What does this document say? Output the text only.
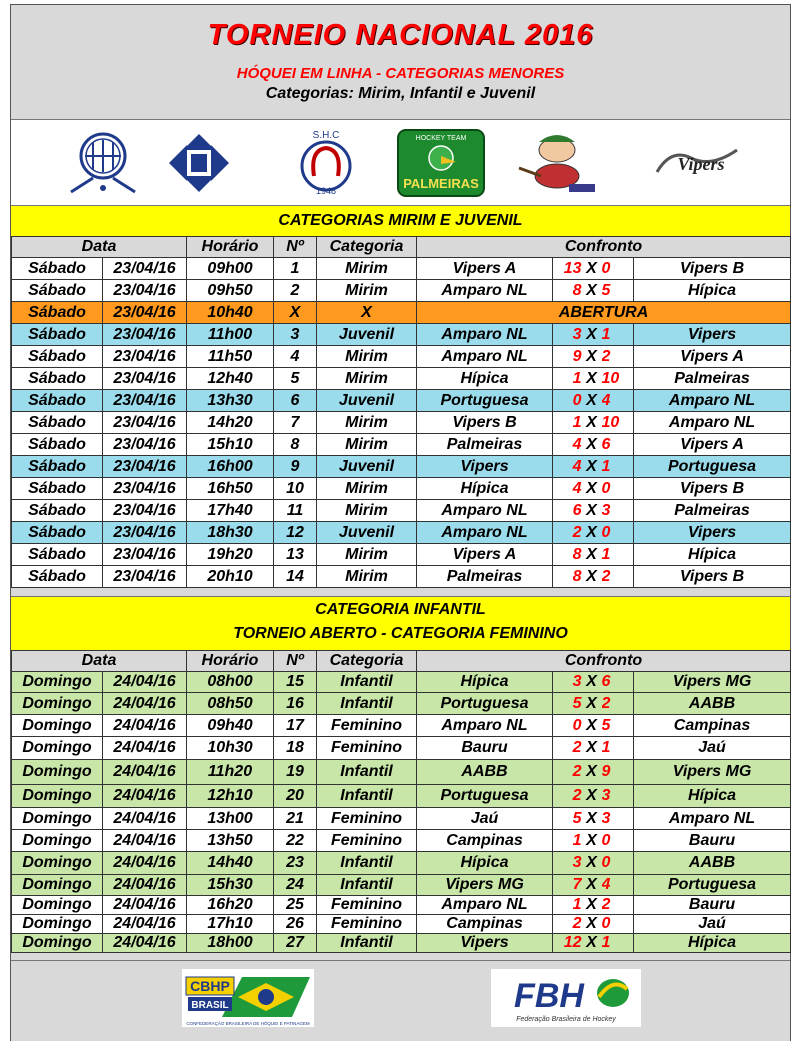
TORNEIO NACIONAL 2016
HÓQUEI EM LINHA - CATEGORIAS MENORES
Categorias: Mirim, Infantil e Juvenil
S.H.C
1948
HOCKEY TEAM
PALMEIRAS
Vipers
CATEGORIAS MIRIM E JUVENIL
Data		Horário	Nº	Categoria	Confronto				
Sábado	23/04/16	09h00	1	Mirim	Vipers A	13	X	0	Vipers B
Sábado	23/04/16	09h50	2	Mirim	Amparo NL	8	X	5	Hípica
Sábado	23/04/16	10h40	X	X	ABERTURA				
Sábado	23/04/16	11h00	3	Juvenil	Amparo NL	3	X	1	Vipers
Sábado	23/04/16	11h50	4	Mirim	Amparo NL	9	X	2	Vipers A
Sábado	23/04/16	12h40	5	Mirim	Hípica	1	X	10	Palmeiras
Sábado	23/04/16	13h30	6	Juvenil	Portuguesa	0	X	4	Amparo NL
Sábado	23/04/16	14h20	7	Mirim	Vipers B	1	X	10	Amparo NL
Sábado	23/04/16	15h10	8	Mirim	Palmeiras	4	X	6	Vipers A
Sábado	23/04/16	16h00	9	Juvenil	Vipers	4	X	1	Portuguesa
Sábado	23/04/16	16h50	10	Mirim	Hípica	4	X	0	Vipers B
Sábado	23/04/16	17h40	11	Mirim	Amparo NL	6	X	3	Palmeiras
Sábado	23/04/16	18h30	12	Juvenil	Amparo NL	2	X	0	Vipers
Sábado	23/04/16	19h20	13	Mirim	Vipers A	8	X	1	Hípica
Sábado	23/04/16	20h10	14	Mirim	Palmeiras	8	X	2	Vipers B
CATEGORIA INFANTIL
TORNEIO ABERTO - CATEGORIA FEMININO
Data		Horário	Nº	Categoria	Confronto				
Domingo	24/04/16	08h00	15	Infantil	Hípica	3	X	6	Vipers MG
Domingo	24/04/16	08h50	16	Infantil	Portuguesa	5	X	2	AABB
Domingo	24/04/16	09h40	17	Feminino	Amparo NL	0	X	5	Campinas
Domingo	24/04/16	10h30	18	Feminino	Bauru	2	X	1	Jaú
Domingo	24/04/16	11h20	19	Infantil	AABB	2	X	9	Vipers MG
Domingo	24/04/16	12h10	20	Infantil	Portuguesa	2	X	3	Hípica
Domingo	24/04/16	13h00	21	Feminino	Jaú	5	X	3	Amparo NL
Domingo	24/04/16	13h50	22	Feminino	Campinas	1	X	0	Bauru
Domingo	24/04/16	14h40	23	Infantil	Hípica	3	X	0	AABB
Domingo	24/04/16	15h30	24	Infantil	Vipers MG	7	X	4	Portuguesa
Domingo	24/04/16	16h20	25	Feminino	Amparo NL	1	X	2	Bauru
Domingo	24/04/16	17h10	26	Feminino	Campinas	2	X	0	Jaú
Domingo	24/04/16	18h00	27	Infantil	Vipers	12	X	1	Hípica
CBHP
BRASIL
CONFEDERAÇÃO BRASILEIRA DE HÓQUEI E PATINAGEM
FBH
Federação Brasileira de Hockey
